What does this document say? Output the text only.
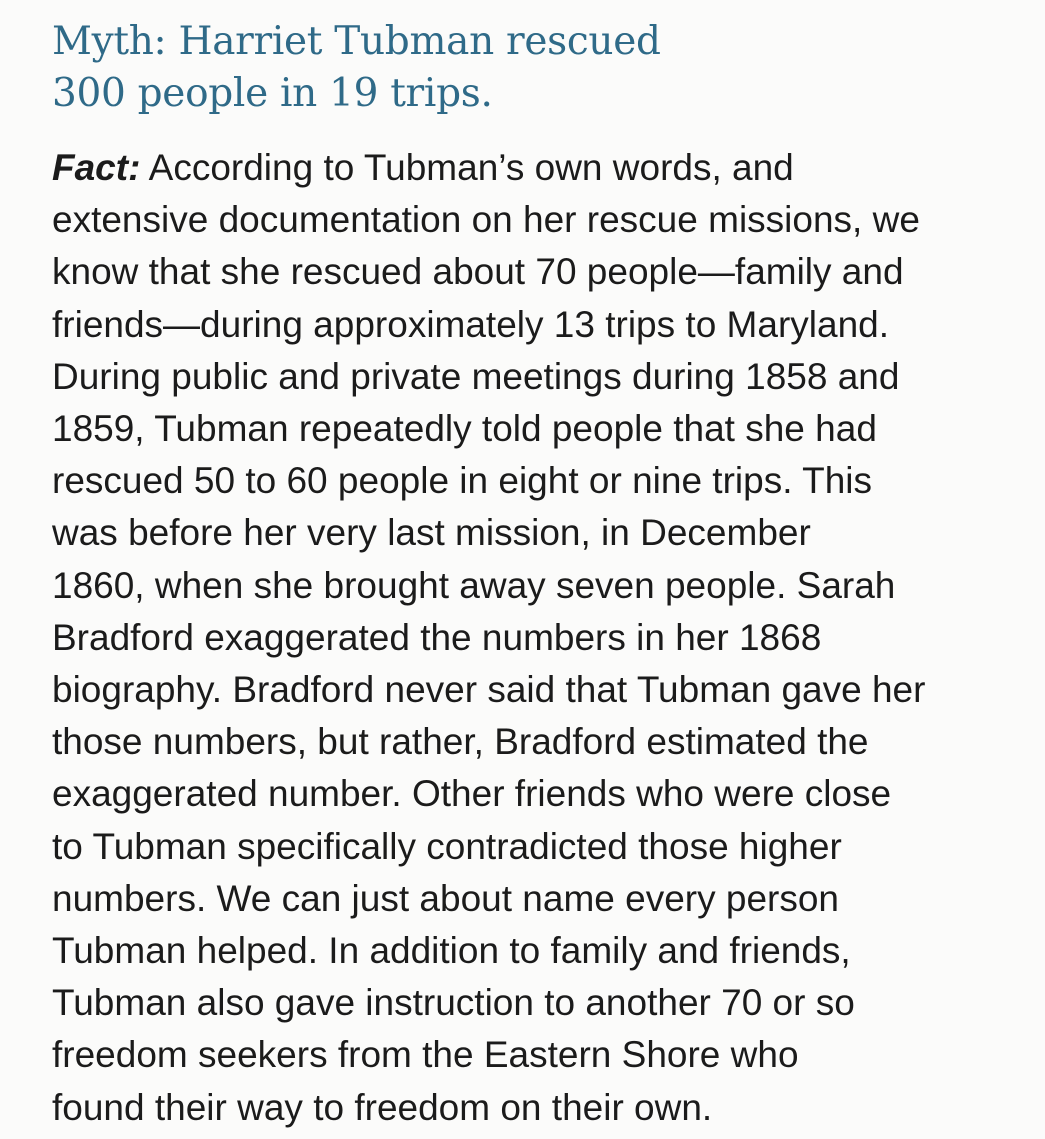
Myth: Harriet Tubman rescued
300 people in 19 trips.
Fact: According to Tubman’s own words, and
extensive documentation on her rescue missions, we
know that she rescued about 70 people—family and
friends—during approximately 13 trips to Maryland.
During public and private meetings during 1858 and
1859, Tubman repeatedly told people that she had
rescued 50 to 60 people in eight or nine trips. This
was before her very last mission, in December
1860, when she brought away seven people. Sarah
Bradford exaggerated the numbers in her 1868
biography. Bradford never said that Tubman gave her
those numbers, but rather, Bradford estimated the
exaggerated number. Other friends who were close
to Tubman specifically contradicted those higher
numbers. We can just about name every person
Tubman helped. In addition to family and friends,
Tubman also gave instruction to another 70 or so
freedom seekers from the Eastern Shore who
found their way to freedom on their own.
